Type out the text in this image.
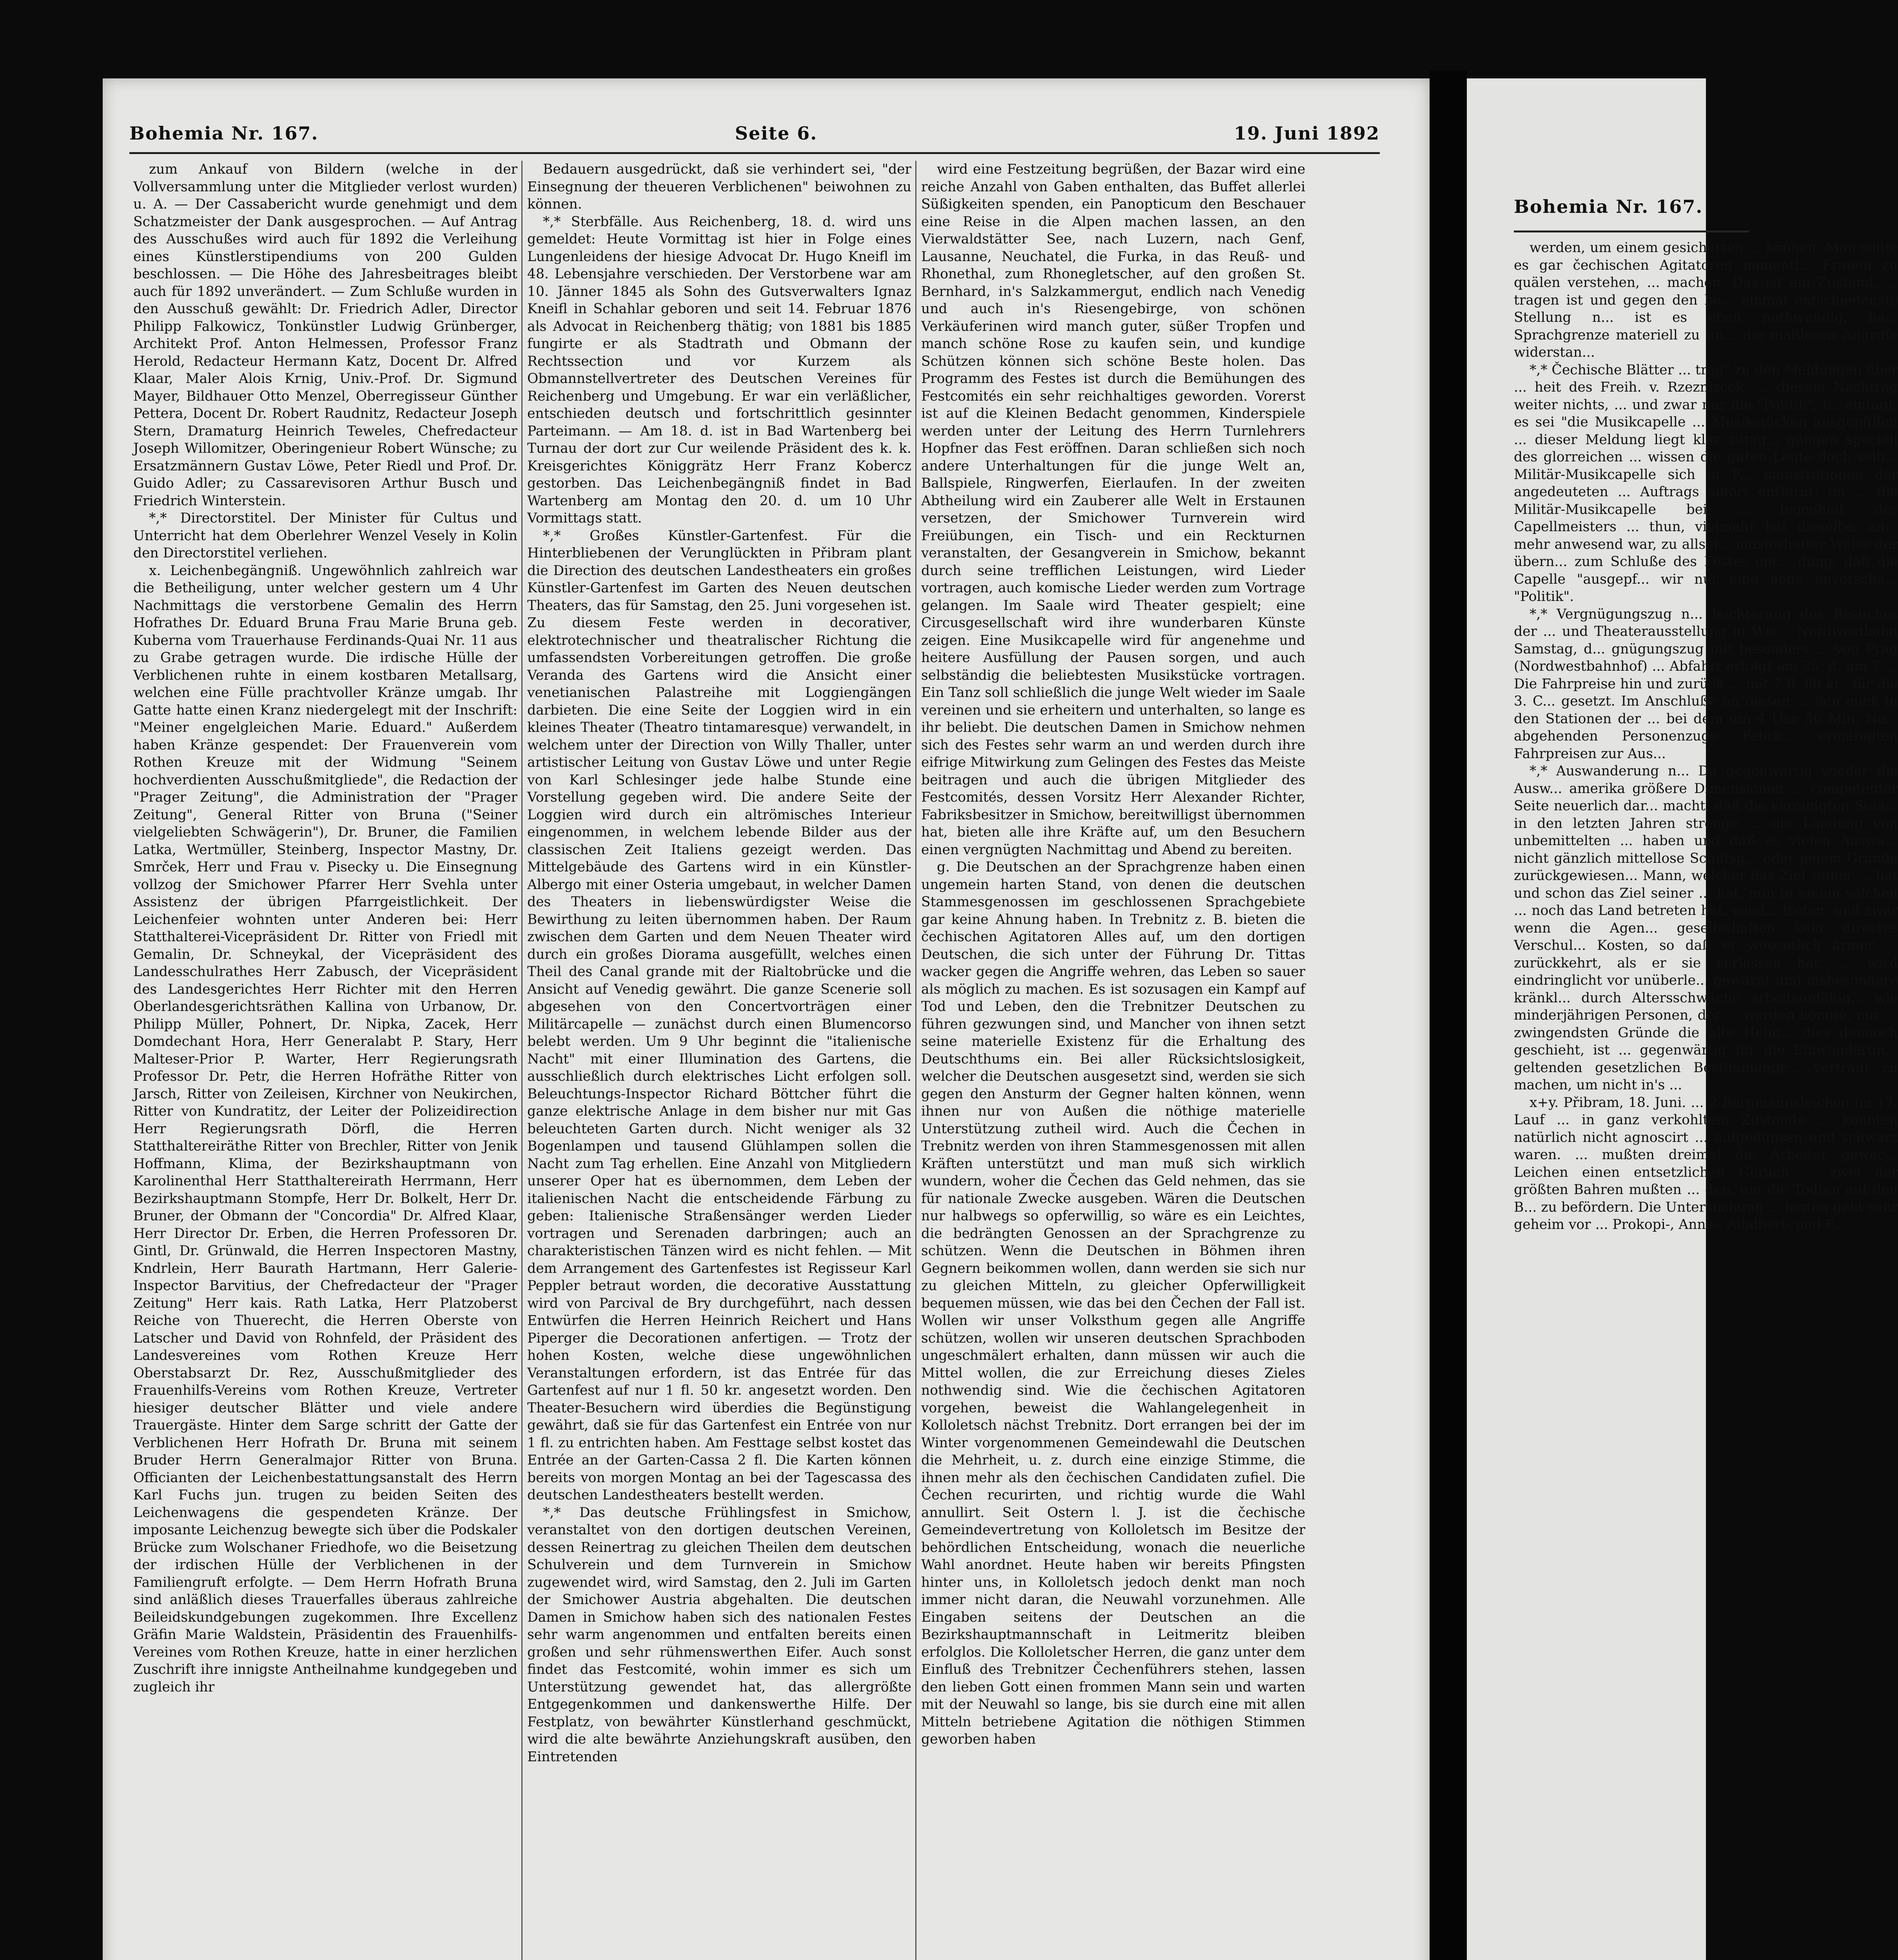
Bohemia Nr. 167.	Seite 6.	19. Juni 1892

zum Ankauf von Bildern (welche in der Vollversammlung unter die Mitglieder verlost wurden) u. A. — Der Cassabericht wurde genehmigt und dem Schatzmeister der Dank ausgesprochen. — Auf Antrag des Ausschußes wird auch für 1892 die Verleihung eines Künstlerstipendiums von 200 Gulden beschlossen. — Die Höhe des Jahresbeitrages bleibt auch für 1892 unverändert. — Zum Schluße wurden in den Ausschuß gewählt: Dr. Friedrich Adler, Director Philipp Falkowicz, Tonkünstler Ludwig Grünberger, Architekt Prof. Anton Helmessen, Professor Franz Herold, Redacteur Hermann Katz, Docent Dr. Alfred Klaar, Maler Alois Krnig, Univ.-Prof. Dr. Sigmund Mayer, Bildhauer Otto Menzel, Oberregisseur Günther Pettera, Docent Dr. Robert Raudnitz, Redacteur Joseph Stern, Dramaturg Heinrich Teweles, Chefredacteur Joseph Willomitzer, Oberingenieur Robert Wünsche; zu Ersatzmännern Gustav Löwe, Peter Riedl und Prof. Dr. Guido Adler; zu Cassarevisoren Arthur Busch und Friedrich Winterstein.

*,* Directorstitel. Der Minister für Cultus und Unterricht hat dem Oberlehrer Wenzel Vesely in Kolin den Directorstitel verliehen.

x. Leichenbegängniß. Ungewöhnlich zahlreich war die Betheiligung, unter welcher gestern um 4 Uhr Nachmittags die verstorbene Gemalin des Herrn Hofrathes Dr. Eduard Bruna Frau Marie Bruna geb. Kuberna vom Trauerhause Ferdinands-Quai Nr. 11 aus zu Grabe getragen wurde. Die irdische Hülle der Verblichenen ruhte in einem kostbaren Metallsarg, welchen eine Fülle prachtvoller Kränze umgab. Ihr Gatte hatte einen Kranz niedergelegt mit der Inschrift: "Meiner engelgleichen Marie. Eduard." Außerdem haben Kränze gespendet: Der Frauenverein vom Rothen Kreuze mit der Widmung "Seinem hochverdienten Ausschußmitgliede", die Redaction der "Prager Zeitung", die Administration der "Prager Zeitung", General Ritter von Bruna ("Seiner vielgeliebten Schwägerin"), Dr. Bruner, die Familien Latka, Wertmüller, Steinberg, Inspector Mastny, Dr. Smrček, Herr und Frau v. Pisecky u. Die Einsegnung vollzog der Smichower Pfarrer Herr Svehla unter Assistenz der übrigen Pfarrgeistlichkeit. Der Leichenfeier wohnten unter Anderen bei: Herr Statthalterei-Vicepräsident Dr. Ritter von Friedl mit Gemalin, Dr. Schneykal, der Vicepräsident des Landesschulrathes Herr Zabusch, der Vicepräsident des Landesgerichtes Herr Richter mit den Herren Oberlandesgerichtsräthen Kallina von Urbanow, Dr. Philipp Müller, Pohnert, Dr. Nipka, Zacek, Herr Domdechant Hora, Herr Generalabt P. Stary, Herr Malteser-Prior P. Warter, Herr Regierungsrath Professor Dr. Petr, die Herren Hofräthe Ritter von Jarsch, Ritter von Zeileisen, Kirchner von Neukirchen, Ritter von Kundratitz, der Leiter der Polizeidirection Herr Regierungsrath Dörfl, die Herren Statthaltereiräthe Ritter von Brechler, Ritter von Jenik Hoffmann, Klima, der Bezirkshauptmann von Karolinenthal Herr Statthaltereirath Herrmann, Herr Bezirkshauptmann Stompfe, Herr Dr. Bolkelt, Herr Dr. Bruner, der Obmann der "Concordia" Dr. Alfred Klaar, Herr Director Dr. Erben, die Herren Professoren Dr. Gintl, Dr. Grünwald, die Herren Inspectoren Mastny, Kndrlein, Herr Baurath Hartmann, Herr Galerie-Inspector Barvitius, der Chefredacteur der "Prager Zeitung" Herr kais. Rath Latka, Herr Platzoberst Reiche von Thuerecht, die Herren Oberste von Latscher und David von Rohnfeld, der Präsident des Landesvereines vom Rothen Kreuze Herr Oberstabsarzt Dr. Rez, Ausschußmitglieder des Frauenhilfs-Vereins vom Rothen Kreuze, Vertreter hiesiger deutscher Blätter und viele andere Trauergäste. Hinter dem Sarge schritt der Gatte der Verblichenen Herr Hofrath Dr. Bruna mit seinem Bruder Herrn Generalmajor Ritter von Bruna. Officianten der Leichenbestattungsanstalt des Herrn Karl Fuchs jun. trugen zu beiden Seiten des Leichenwagens die gespendeten Kränze. Der imposante Leichenzug bewegte sich über die Podskaler Brücke zum Wolschaner Friedhofe, wo die Beisetzung der irdischen Hülle der Verblichenen in der Familiengruft erfolgte. — Dem Herrn Hofrath Bruna sind anläßlich dieses Trauerfalles überaus zahlreiche Beileidskundgebungen zugekommen. Ihre Excellenz Gräfin Marie Waldstein, Präsidentin des Frauenhilfs-Vereines vom Rothen Kreuze, hatte in einer herzlichen Zuschrift ihre innigste Antheilnahme kundgegeben und zugleich ihr

Bedauern ausgedrückt, daß sie verhindert sei, "der Einsegnung der theueren Verblichenen" beiwohnen zu können.

*,* Sterbfälle. Aus Reichenberg, 18. d. wird uns gemeldet: Heute Vormittag ist hier in Folge eines Lungenleidens der hiesige Advocat Dr. Hugo Kneifl im 48. Lebensjahre verschieden. Der Verstorbene war am 10. Jänner 1845 als Sohn des Gutsverwalters Ignaz Kneifl in Schahlar geboren und seit 14. Februar 1876 als Advocat in Reichenberg thätig; von 1881 bis 1885 fungirte er als Stadtrath und Obmann der Rechtssection und vor Kurzem als Obmannstellvertreter des Deutschen Vereines für Reichenberg und Umgebung. Er war ein verläßlicher, entschieden deutsch und fortschrittlich gesinnter Parteimann. — Am 18. d. ist in Bad Wartenberg bei Turnau der dort zur Cur weilende Präsident des k. k. Kreisgerichtes Königgrätz Herr Franz Kobercz gestorben. Das Leichenbegängniß findet in Bad Wartenberg am Montag den 20. d. um 10 Uhr Vormittags statt.

*,* Großes Künstler-Gartenfest. Für die Hinterbliebenen der Verunglückten in Přibram plant die Direction des deutschen Landestheaters ein großes Künstler-Gartenfest im Garten des Neuen deutschen Theaters, das für Samstag, den 25. Juni vorgesehen ist. Zu diesem Feste werden in decorativer, elektrotechnischer und theatralischer Richtung die umfassendsten Vorbereitungen getroffen. Die große Veranda des Gartens wird die Ansicht einer venetianischen Palastreihe mit Loggiengängen darbieten. Die eine Seite der Loggien wird in ein kleines Theater (Theatro tintamaresque) verwandelt, in welchem unter der Direction von Willy Thaller, unter artistischer Leitung von Gustav Löwe und unter Regie von Karl Schlesinger jede halbe Stunde eine Vorstellung gegeben wird. Die andere Seite der Loggien wird durch ein altrömisches Interieur eingenommen, in welchem lebende Bilder aus der classischen Zeit Italiens gezeigt werden. Das Mittelgebäude des Gartens wird in ein Künstler-Albergo mit einer Osteria umgebaut, in welcher Damen des Theaters in liebenswürdigster Weise die Bewirthung zu leiten übernommen haben. Der Raum zwischen dem Garten und dem Neuen Theater wird durch ein großes Diorama ausgefüllt, welches einen Theil des Canal grande mit der Rialtobrücke und die Ansicht auf Venedig gewährt. Die ganze Scenerie soll abgesehen von den Concertvorträgen einer Militärcapelle — zunächst durch einen Blumencorso belebt werden. Um 9 Uhr beginnt die "italienische Nacht" mit einer Illumination des Gartens, die ausschließlich durch elektrisches Licht erfolgen soll. Beleuchtungs-Inspector Richard Böttcher führt die ganze elektrische Anlage in dem bisher nur mit Gas beleuchteten Garten durch. Nicht weniger als 32 Bogenlampen und tausend Glühlampen sollen die Nacht zum Tag erhellen. Eine Anzahl von Mitgliedern unserer Oper hat es übernommen, dem Leben der italienischen Nacht die entscheidende Färbung zu geben: Italienische Straßensänger werden Lieder vortragen und Serenaden darbringen; auch an charakteristischen Tänzen wird es nicht fehlen. — Mit dem Arrangement des Gartenfestes ist Regisseur Karl Peppler betraut worden, die decorative Ausstattung wird von Parcival de Bry durchgeführt, nach dessen Entwürfen die Herren Heinrich Reichert und Hans Piperger die Decorationen anfertigen. — Trotz der hohen Kosten, welche diese ungewöhnlichen Veranstaltungen erfordern, ist das Entrée für das Gartenfest auf nur 1 fl. 50 kr. angesetzt worden. Den Theater-Besuchern wird überdies die Begünstigung gewährt, daß sie für das Gartenfest ein Entrée von nur 1 fl. zu entrichten haben. Am Festtage selbst kostet das Entrée an der Garten-Cassa 2 fl. Die Karten können bereits von morgen Montag an bei der Tagescassa des deutschen Landestheaters bestellt werden.

*,* Das deutsche Frühlingsfest in Smichow, veranstaltet von den dortigen deutschen Vereinen, dessen Reinertrag zu gleichen Theilen dem deutschen Schulverein und dem Turnverein in Smichow zugewendet wird, wird Samstag, den 2. Juli im Garten der Smichower Austria abgehalten. Die deutschen Damen in Smichow haben sich des nationalen Festes sehr warm angenommen und entfalten bereits einen großen und sehr rühmenswerthen Eifer. Auch sonst findet das Festcomité, wohin immer es sich um Unterstützung gewendet hat, das allergrößte Entgegenkommen und dankenswerthe Hilfe. Der Festplatz, von bewährter Künstlerhand geschmückt, wird die alte bewährte Anziehungskraft ausüben, den Eintretenden

wird eine Festzeitung begrüßen, der Bazar wird eine reiche Anzahl von Gaben enthalten, das Buffet allerlei Süßigkeiten spenden, ein Panopticum den Beschauer eine Reise in die Alpen machen lassen, an den Vierwaldstätter See, nach Luzern, nach Genf, Lausanne, Neuchatel, die Furka, in das Reuß- und Rhonethal, zum Rhonegletscher, auf den großen St. Bernhard, in's Salzkammergut, endlich nach Venedig und auch in's Riesengebirge, von schönen Verkäuferinen wird manch guter, süßer Tropfen und manch schöne Rose zu kaufen sein, und kundige Schützen können sich schöne Beste holen. Das Programm des Festes ist durch die Bemühungen des Festcomités ein sehr reichhaltiges geworden. Vorerst ist auf die Kleinen Bedacht genommen, Kinderspiele werden unter der Leitung des Herrn Turnlehrers Hopfner das Fest eröffnen. Daran schließen sich noch andere Unterhaltungen für die junge Welt an, Ballspiele, Ringwerfen, Eierlaufen. In der zweiten Abtheilung wird ein Zauberer alle Welt in Erstaunen versetzen, der Smichower Turnverein wird Freiübungen, ein Tisch- und ein Reckturnen veranstalten, der Gesangverein in Smichow, bekannt durch seine trefflichen Leistungen, wird Lieder vortragen, auch komische Lieder werden zum Vortrage gelangen. Im Saale wird Theater gespielt; eine Circusgesellschaft wird ihre wunderbaren Künste zeigen. Eine Musikcapelle wird für angenehme und heitere Ausfüllung der Pausen sorgen, und auch selbständig die beliebtesten Musikstücke vortragen. Ein Tanz soll schließlich die junge Welt wieder im Saale vereinen und sie erheitern und unterhalten, so lange es ihr beliebt. Die deutschen Damen in Smichow nehmen sich des Festes sehr warm an und werden durch ihre eifrige Mitwirkung zum Gelingen des Festes das Meiste beitragen und auch die übrigen Mitglieder des Festcomités, dessen Vorsitz Herr Alexander Richter, Fabriksbesitzer in Smichow, bereitwilligst übernommen hat, bieten alle ihre Kräfte auf, um den Besuchern einen vergnügten Nachmittag und Abend zu bereiten.

g. Die Deutschen an der Sprachgrenze haben einen ungemein harten Stand, von denen die deutschen Stammesgenossen im geschlossenen Sprachgebiete gar keine Ahnung haben. In Trebnitz z. B. bieten die čechischen Agitatoren Alles auf, um den dortigen Deutschen, die sich unter der Führung Dr. Tittas wacker gegen die Angriffe wehren, das Leben so sauer als möglich zu machen. Es ist sozusagen ein Kampf auf Tod und Leben, den die Trebnitzer Deutschen zu führen gezwungen sind, und Mancher von ihnen setzt seine materielle Existenz für die Erhaltung des Deutschthums ein. Bei aller Rücksichtslosigkeit, welcher die Deutschen ausgesetzt sind, werden sie sich gegen den Ansturm der Gegner halten können, wenn ihnen nur von Außen die nöthige materielle Unterstützung zutheil wird. Auch die Čechen in Trebnitz werden von ihren Stammesgenossen mit allen Kräften unterstützt und man muß sich wirklich wundern, woher die Čechen das Geld nehmen, das sie für nationale Zwecke ausgeben. Wären die Deutschen nur halbwegs so opferwillig, so wäre es ein Leichtes, die bedrängten Genossen an der Sprachgrenze zu schützen. Wenn die Deutschen in Böhmen ihren Gegnern beikommen wollen, dann werden sie sich nur zu gleichen Mitteln, zu gleicher Opferwilligkeit bequemen müssen, wie das bei den Čechen der Fall ist. Wollen wir unser Volksthum gegen alle Angriffe schützen, wollen wir unseren deutschen Sprachboden ungeschmälert erhalten, dann müssen wir auch die Mittel wollen, die zur Erreichung dieses Zieles nothwendig sind. Wie die čechischen Agitatoren vorgehen, beweist die Wahlangelegenheit in Kolloletsch nächst Trebnitz. Dort errangen bei der im Winter vorgenommenen Gemeindewahl die Deutschen die Mehrheit, u. z. durch eine einzige Stimme, die ihnen mehr als den čechischen Candidaten zufiel. Die Čechen recurirten, und richtig wurde die Wahl annullirt. Seit Ostern l. J. ist die čechische Gemeindevertretung von Kolloletsch im Besitze der behördlichen Entscheidung, wonach die neuerliche Wahl anordnet. Heute haben wir bereits Pfingsten hinter uns, in Kolloletsch jedoch denkt man noch immer nicht daran, die Neuwahl vorzunehmen. Alle Eingaben seitens der Deutschen an die Bezirkshauptmannschaft in Leitmeritz bleiben erfolglos. Die Kolloletscher Herren, die ganz unter dem Einfluß des Trebnitzer Čechenführers stehen, lassen den lieben Gott einen frommen Mann sein und warten mit der Neuwahl so lange, bis sie durch eine mit allen Mitteln betriebene Agitation die nöthigen Stimmen geworben haben

Bohemia Nr. 167.

werden, um einem gesicherten ... können. Man sollte es gar čechischen Agitatoren namentl... Frauen zu quälen verstehen, ... machen. Das ist ein Zustand, ... tragen ist und gegen den be... einmal entschiedenste Stellung n... ist es eben nothwendig, ba... Sprachgrenze materiell zu un... die maßlosen Angriffe widerstan...

*,* Čechische Blätter ... trag" zu den Meldungen über ... heit des Freih. v. Rzeznizcek. ... diesem Nachtrag weiter nichts, ... und zwar nur die "Politik", i... einfügt, es sei "die Musikcapelle ... Musikstücken ausgepfiffen ... dieser Meldung liegt klar zutag... gängen speciell des glorreichen ... wissen die guten Leute doch selb... Militär-Musikcapelle sich in F... monstrationen der angedeuteten ... Auftrags sofort entfernt; im ... die Militär-Musikcapelle bei ... legenheit des Capellmeisters ... thun, vielmehr hat dieselbe, an... mehr anwesend war, zu allsei... musterhafter Weise der übern... zum Schluße des Festes ent... dung, daß die Capelle "ausgepf... wir nur eine neue nnverschä... "Politik".

*,* Vergnügungszug n... leichterung des Besuches der ... und Theaterausstellung in Wie... Nordwestbahn Samstag, d... gnügungszug mit besonders ... von Prag (Nordwestbahnhof) ... Abfahrt erfolgt am 25. d. um 7 ... Die Fahrpreise hin und zurück ... mit 7 fl. 80 kr., für die 3. C... gesetzt. Im Anschluße an diesen ... den auch in den Stationen der ... bei dem um 4 Uhr 50 Min. No... abgehenden Personenzuge Fahrk... ermäßigten Fahrpreisen zur Aus...

*,* Auswanderung n... Da gegenwärtig wieder die Ausw... amerika größere Dimensionen ... competenter Seite neuerlich dar... macht, daß die vereinigten Staa... in den letzten Jahren strenge ... die Landung von unbemittelten ... haben und daß es vielen Auswa... nicht gänzlich mittellose Schiffsp... oder jenem Grunde zurückgewiesen... Mann, welcher das Ziel seiner ... hat und schon das Ziel seiner ... hat, nun in einem solchen ... noch das Land betreten hat, wied... treten, und zwar wenn die Agen... gesellschaften kein directes Verschul... Kosten, so daß er wesentlich ärmer ... zurückkehrt, als er sie verlassen hat. ... wird eindringlicht vor unüberle... gewarnt und insbesondere kränkl... durch Altersschwäche arbeitsunfähig... wie minderjährigen Personen, der ... werden könnte, nur ... zwingendsten Gründe die alte Heim... dies dennoch geschieht, ist ... gegenwärtig für die Einwanderun... geltenden gesetzlichen Bestimmunge... vertraut zu machen, um nicht in's ...

x+y. Přibram, 18. Juni. ... 2 Bergmannsleichen im 17. Lauf ... in ganz verkohltem Zustande ... konnten natürlich nicht agnoscirt ... aufgedunsen und schwarz waren. ... mußten dreimal die Arbeiter gewec... Leichen einen entsetzlichen Geruch ... zwei der größten Bahren mußten ... den, um die Todten auf den B... zu befördern. Die Untersuchung ... lenten geht sehr geheim vor ... Prokopi-, Anna-, Adalbert- und F...
